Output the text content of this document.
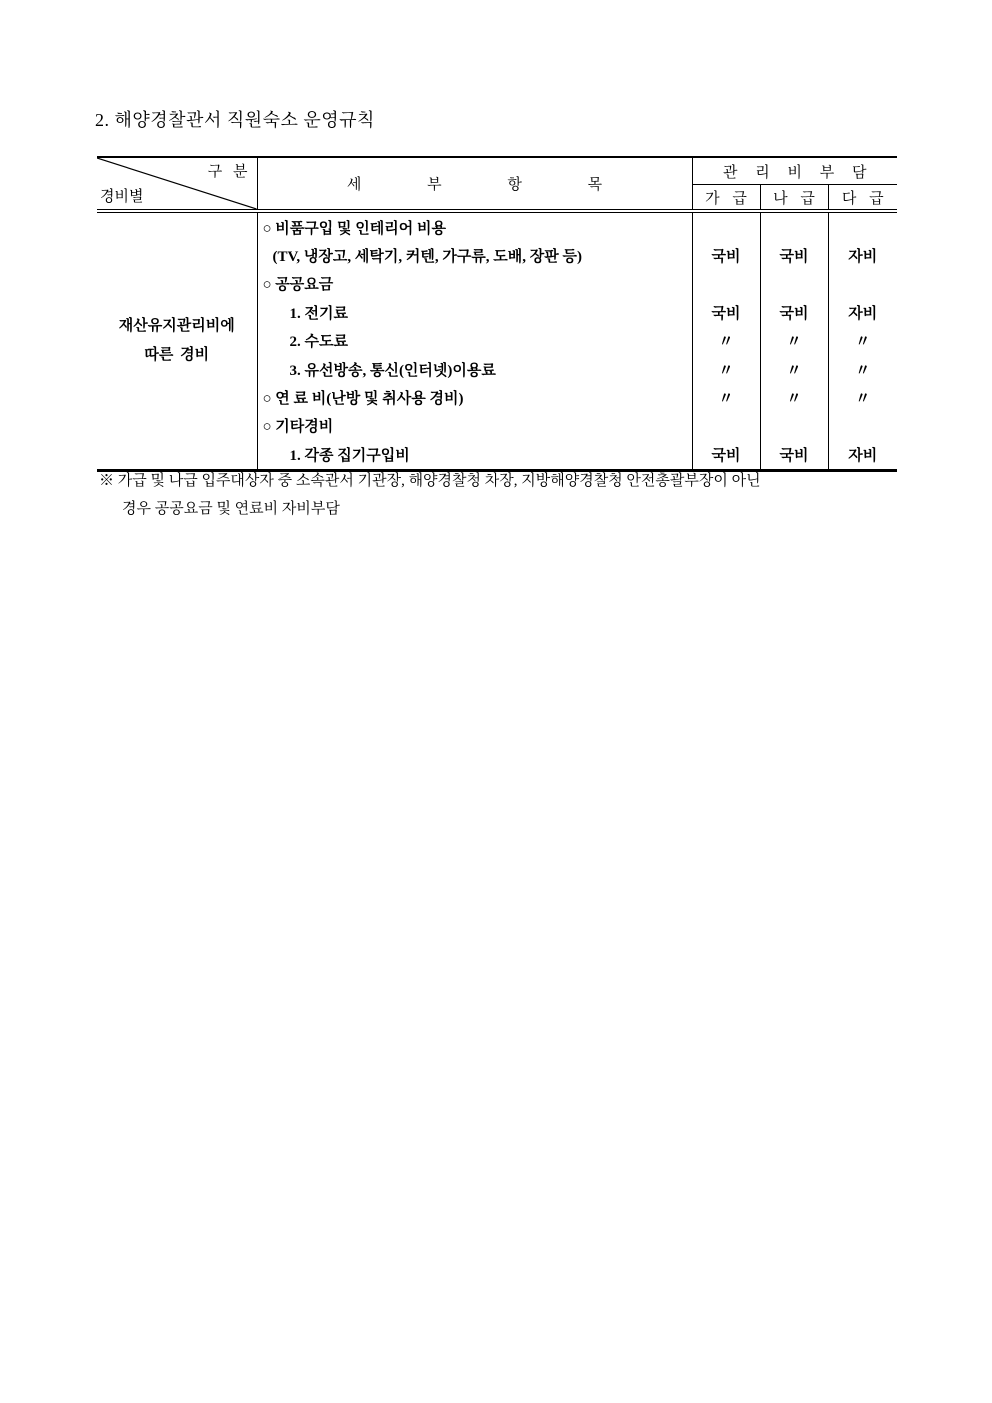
2. 해양경찰관서 직원숙소 운영규칙
구 분
경비별	세 부 항 목	관 리 비 부 담		
		가 급	나 급	다 급

재산유지관리비에
따른 경비	○ 비품구입 및 인테리어 비용			
	(TV, 냉장고, 세탁기, 커텐, 가구류, 도배, 장판 등)	국비	국비	자비
	○ 공공요금			
	1. 전기료	국비	국비	자비
	2. 수도료	〃	〃	〃
	3. 유선방송, 통신(인터넷)이용료	〃	〃	〃
	○ 연 료 비(난방 및 취사용 경비)	〃	〃	〃
	○ 기타경비			
	1. 각종 집기구입비	국비	국비	자비
※ 가급 및 나급 입주대상자 중 소속관서 기관장, 해양경찰청 차장, 지방해양경찰청 안전총괄부장이 아닌
경우 공공요금 및 연료비 자비부담
